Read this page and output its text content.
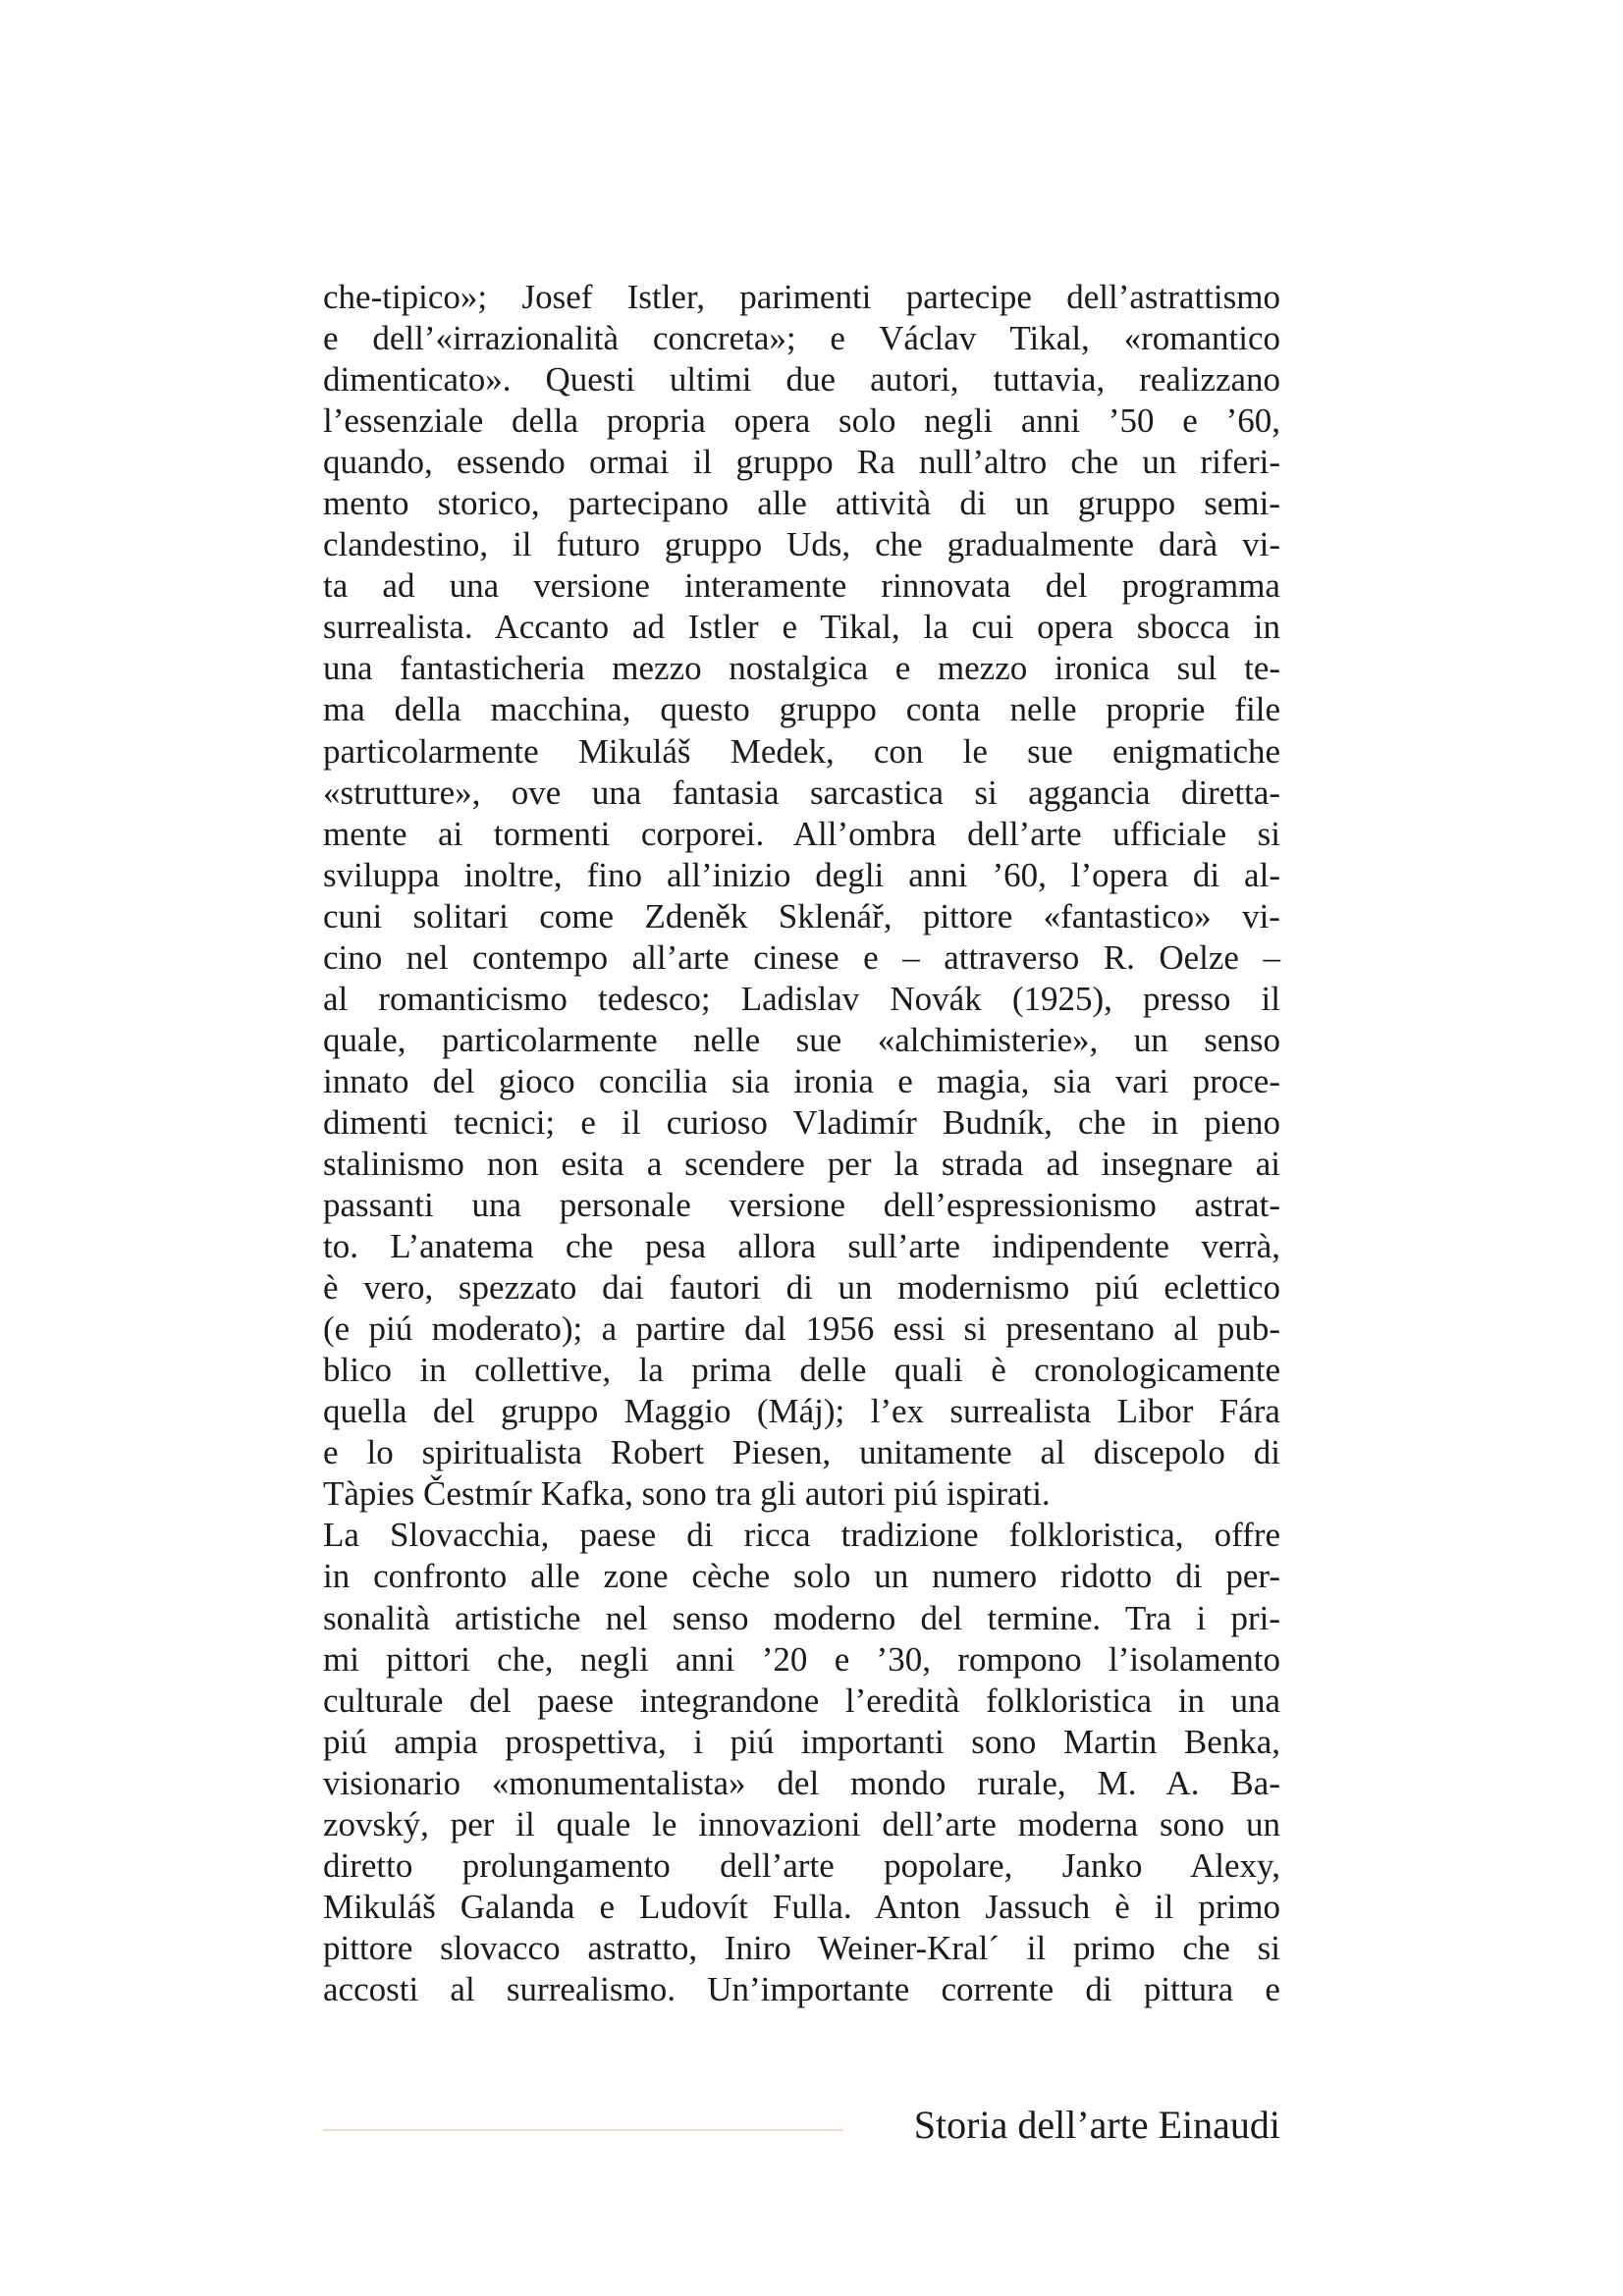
che-tipico»; Josef Istler, parimenti partecipe dell’astrattismo
e dell’«irrazionalità concreta»; e Václav Tikal, «romantico
dimenticato». Questi ultimi due autori, tuttavia, realizzano
l’essenziale della propria opera solo negli anni ’50 e ’60,
quando, essendo ormai il gruppo Ra null’altro che un riferi-
mento storico, partecipano alle attività di un gruppo semi-
clandestino, il futuro gruppo Uds, che gradualmente darà vi-
ta ad una versione interamente rinnovata del programma
surrealista. Accanto ad Istler e Tikal, la cui opera sbocca in
una fantasticheria mezzo nostalgica e mezzo ironica sul te-
ma della macchina, questo gruppo conta nelle proprie file
particolarmente Mikuláš Medek, con le sue enigmatiche
«strutture», ove una fantasia sarcastica si aggancia diretta-
mente ai tormenti corporei. All’ombra dell’arte ufficiale si
sviluppa inoltre, fino all’inizio degli anni ’60, l’opera di al-
cuni solitari come Zdeněk Sklenář, pittore «fantastico» vi-
cino nel contempo all’arte cinese e – attraverso R. Oelze –
al romanticismo tedesco; Ladislav Novák (1925), presso il
quale, particolarmente nelle sue «alchimisterie», un senso
innato del gioco concilia sia ironia e magia, sia vari proce-
dimenti tecnici; e il curioso Vladimír Budník, che in pieno
stalinismo non esita a scendere per la strada ad insegnare ai
passanti una personale versione dell’espressionismo astrat-
to. L’anatema che pesa allora sull’arte indipendente verrà,
è vero, spezzato dai fautori di un modernismo piú eclettico
(e piú moderato); a partire dal 1956 essi si presentano al pub-
blico in collettive, la prima delle quali è cronologicamente
quella del gruppo Maggio (Máj); l’ex surrealista Libor Fára
e lo spiritualista Robert Piesen, unitamente al discepolo di
Tàpies Čestmír Kafka, sono tra gli autori piú ispirati.
La Slovacchia, paese di ricca tradizione folkloristica, offre
in confronto alle zone cèche solo un numero ridotto di per-
sonalità artistiche nel senso moderno del termine. Tra i pri-
mi pittori che, negli anni ’20 e ’30, rompono l’isolamento
culturale del paese integrandone l’eredità folkloristica in una
piú ampia prospettiva, i piú importanti sono Martin Benka,
visionario «monumentalista» del mondo rurale, M. A. Ba-
zovský, per il quale le innovazioni dell’arte moderna sono un
diretto prolungamento dell’arte popolare, Janko Alexy,
Mikuláš Galanda e Ludovít Fulla. Anton Jassuch è il primo
pittore slovacco astratto, Iniro Weiner-Kral´ il primo che si
accosti al surrealismo. Un’importante corrente di pittura e
Storia dell’arte Einaudi
